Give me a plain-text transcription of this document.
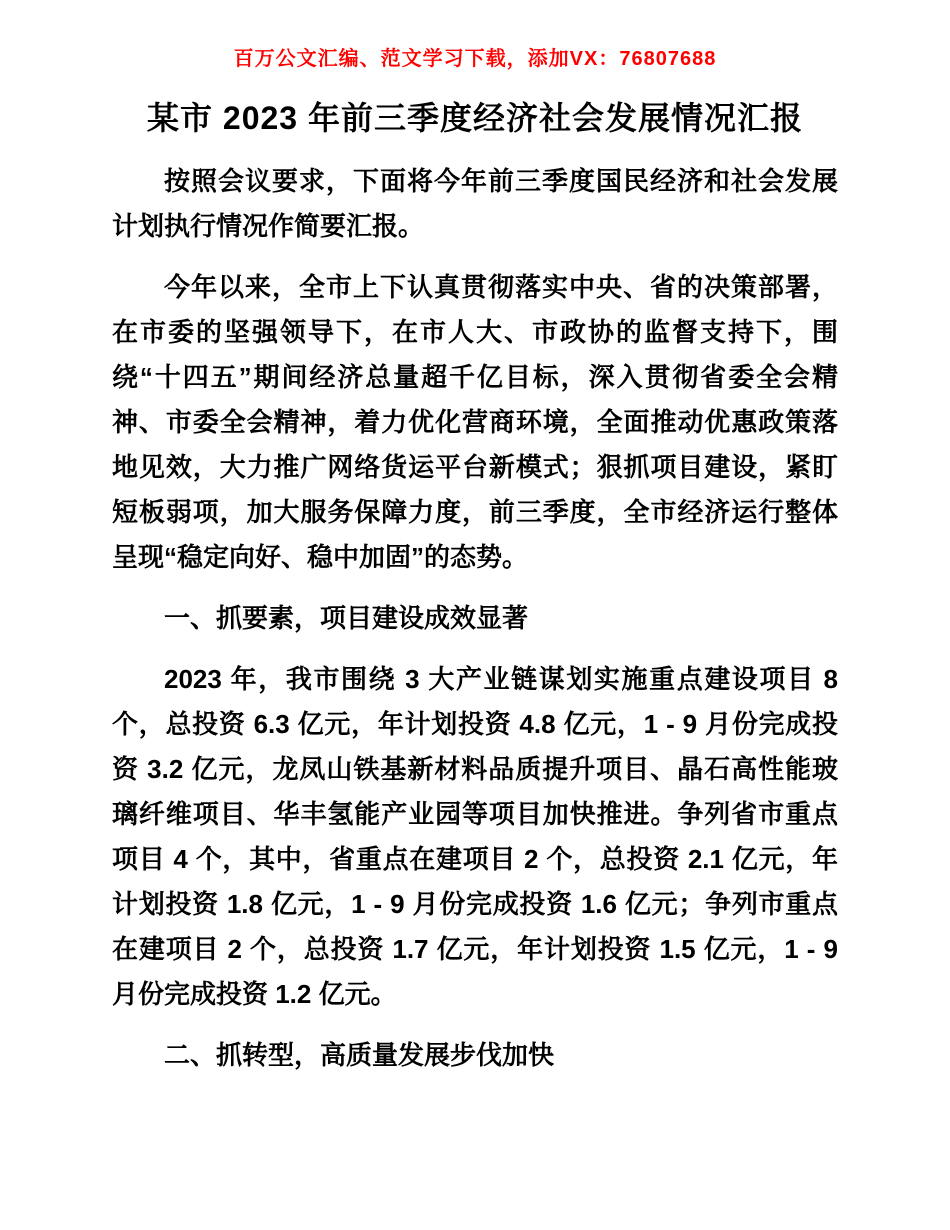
百万公文汇编、范文学习下载，添加VX：76807688

某市 2023 年前三季度经济社会发展情况汇报

按照会议要求，下面将今年前三季度国民经济和社会发展计划执行情况作简要汇报。

今年以来，全市上下认真贯彻落实中央、省的决策部署，在市委的坚强领导下，在市人大、市政协的监督支持下，围绕“十四五”期间经济总量超千亿目标，深入贯彻省委全会精神、市委全会精神，着力优化营商环境，全面推动优惠政策落地见效，大力推广网络货运平台新模式；狠抓项目建设，紧盯短板弱项，加大服务保障力度，前三季度，全市经济运行整体呈现“稳定向好、稳中加固”的态势。

一、抓要素，项目建设成效显著

2023 年，我市围绕 3 大产业链谋划实施重点建设项目 8 个，总投资 6.3 亿元，年计划投资 4.8 亿元，1 - 9 月份完成投资 3.2 亿元，龙凤山铁基新材料品质提升项目、晶石高性能玻璃纤维项目、华丰氢能产业园等项目加快推进。争列省市重点项目 4 个，其中，省重点在建项目 2 个，总投资 2.1 亿元，年计划投资 1.8 亿元，1 - 9 月份完成投资 1.6 亿元；争列市重点在建项目 2 个，总投资 1.7 亿元，年计划投资 1.5 亿元，1 - 9 月份完成投资 1.2 亿元。

二、抓转型，高质量发展步伐加快
